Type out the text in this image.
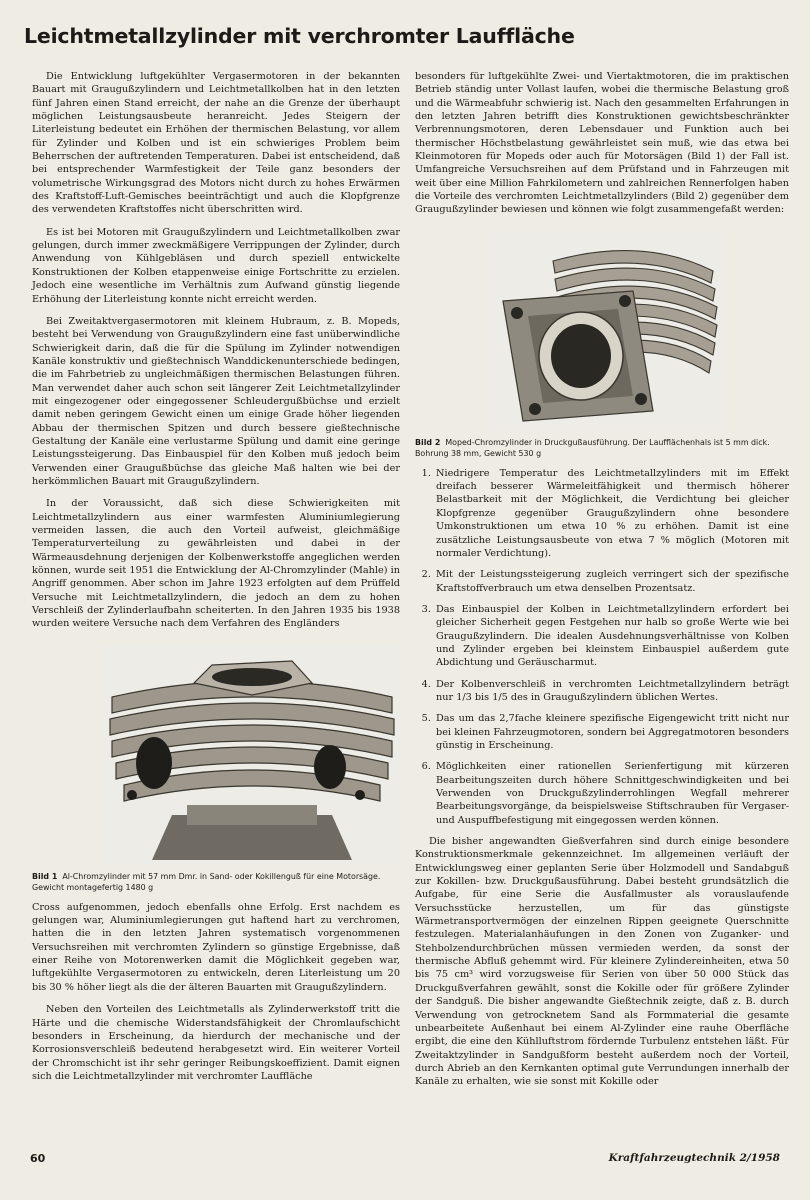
Leichtmetallzylinder mit verchromter Lauffläche

Die Entwicklung luftgekühlter Vergasermotoren in der bekannten Bauart mit Graugußzylindern und Leichtmetallkolben hat in den letzten fünf Jahren einen Stand erreicht, der nahe an die Grenze der überhaupt möglichen Leistungsausbeute heranreicht. Jedes Steigern der Literleistung bedeutet ein Erhöhen der thermischen Belastung, vor allem für Zylinder und Kolben und ist ein schwieriges Problem beim Beherrschen der auftretenden Temperaturen. Dabei ist entscheidend, daß bei entsprechender Warmfestigkeit der Teile ganz besonders der volumetrische Wirkungsgrad des Motors nicht durch zu hohes Erwärmen des Kraftstoff-Luft-Gemisches beeinträchtigt und auch die Klopfgrenze des verwendeten Kraftstoffes nicht überschritten wird.

Es ist bei Motoren mit Graugußzylindern und Leichtmetallkolben zwar gelungen, durch immer zweckmäßigere Verrippungen der Zylinder, durch Anwendung von Kühlgebläsen und durch speziell entwickelte Konstruktionen der Kolben etappenweise einige Fortschritte zu erzielen. Jedoch eine wesentliche im Verhältnis zum Aufwand günstig liegende Erhöhung der Literleistung konnte nicht erreicht werden.

Bei Zweitaktvergasermotoren mit kleinem Hubraum, z. B. Mopeds, besteht bei Verwendung von Graugußzylindern eine fast unüberwindliche Schwierigkeit darin, daß die für die Spülung im Zylinder notwendigen Kanäle konstruktiv und gießtechnisch Wanddickenunterschiede bedingen, die im Fahrbetrieb zu ungleichmäßigen thermischen Belastungen führen. Man verwendet daher auch schon seit längerer Zeit Leichtmetallzylinder mit eingezogener oder eingegossener Schleudergußbüchse und erzielt damit neben geringem Gewicht einen um einige Grade höher liegenden Abbau der thermischen Spitzen und durch bessere gießtechnische Gestaltung der Kanäle eine verlustarme Spülung und damit eine geringe Leistungssteigerung. Das Einbauspiel für den Kolben muß jedoch beim Verwenden einer Graugußbüchse das gleiche Maß halten wie bei der herkömmlichen Bauart mit Graugußzylindern.

In der Voraussicht, daß sich diese Schwierigkeiten mit Leichtmetallzylindern aus einer warmfesten Aluminiumlegierung vermeiden lassen, die auch den Vorteil aufweist, gleichmäßige Temperaturverteilung zu gewährleisten und dabei in der Wärmeausdehnung derjenigen der Kolbenwerkstoffe angeglichen werden können, wurde seit 1951 die Entwicklung der Al-Chromzylinder (Mahle) in Angriff genommen. Aber schon im Jahre 1923 erfolgten auf dem Prüffeld Versuche mit Leichtmetallzylindern, die jedoch an dem zu hohen Verschleiß der Zylinderlaufbahn scheiterten. In den Jahren 1935 bis 1938 wurden weitere Versuche nach dem Verfahren des Engländers

Bild 1 Al-Chromzylinder mit 57 mm Dmr. in Sand- oder Kokillenguß für eine Motorsäge. Gewicht montagefertig 1480 g

Cross aufgenommen, jedoch ebenfalls ohne Erfolg. Erst nachdem es gelungen war, Aluminiumlegierungen gut haftend hart zu verchromen, hatten die in den letzten Jahren systematisch vorgenommenen Versuchsreihen mit verchromten Zylindern so günstige Ergebnisse, daß einer Reihe von Motorenwerken damit die Möglichkeit gegeben war, luftgekühlte Vergasermotoren zu entwickeln, deren Literleistung um 20 bis 30 % höher liegt als die der älteren Bauarten mit Graugußzylindern.

Neben den Vorteilen des Leichtmetalls als Zylinderwerkstoff tritt die Härte und die chemische Widerstandsfähigkeit der Chromlaufschicht besonders in Erscheinung, da hierdurch der mechanische und der Korrosionsverschleiß bedeutend herabgesetzt wird. Ein weiterer Vorteil der Chromschicht ist ihr sehr geringer Reibungskoeffizient. Damit eignen sich die Leichtmetallzylinder mit verchromter Lauffläche

besonders für luftgekühlte Zwei- und Viertaktmotoren, die im praktischen Betrieb ständig unter Vollast laufen, wobei die thermische Belastung groß und die Wärmeabfuhr schwierig ist. Nach den gesammelten Erfahrungen in den letzten Jahren betrifft dies Konstruktionen gewichtsbeschränkter Verbrennungsmotoren, deren Lebensdauer und Funktion auch bei thermischer Höchstbelastung gewährleistet sein muß, wie das etwa bei Kleinmotoren für Mopeds oder auch für Motorsägen (Bild 1) der Fall ist. Umfangreiche Versuchsreihen auf dem Prüfstand und in Fahrzeugen mit weit über eine Million Fahrkilometern und zahlreichen Rennerfolgen haben die Vorteile des verchromten Leichtmetallzylinders (Bild 2) gegenüber dem Graugußzylinder bewiesen und können wie folgt zusammengefaßt werden:

Bild 2 Moped-Chromzylinder in Druckgußausführung. Der Laufflächenhals ist 5 mm dick. Bohrung 38 mm, Gewicht 530 g
1. Niedrigere Temperatur des Leichtmetallzylinders mit im Effekt dreifach besserer Wärmeleitfähigkeit und thermisch höherer Belastbarkeit mit der Möglichkeit, die Verdichtung bei gleicher Klopfgrenze gegenüber Graugußzylindern ohne besondere Umkonstruktionen um etwa 10 % zu erhöhen. Damit ist eine zusätzliche Leistungsausbeute von etwa 7 % möglich (Motoren mit normaler Verdichtung).
2. Mit der Leistungssteigerung zugleich verringert sich der spezifische Kraftstoffverbrauch um etwa denselben Prozentsatz.
3. Das Einbauspiel der Kolben in Leichtmetallzylindern erfordert bei gleicher Sicherheit gegen Festgehen nur halb so große Werte wie bei Graugußzylindern. Die idealen Ausdehnungsverhältnisse von Kolben und Zylinder ergeben bei kleinstem Einbauspiel außerdem gute Abdichtung und Geräuscharmut.
4. Der Kolbenverschleiß in verchromten Leichtmetallzylindern beträgt nur 1/3 bis 1/5 des in Graugußzylindern üblichen Wertes.
5. Das um das 2,7fache kleinere spezifische Eigengewicht tritt nicht nur bei kleinen Fahrzeugmotoren, sondern bei Aggregatmotoren besonders günstig in Erscheinung.
6. Möglichkeiten einer rationellen Serienfertigung mit kürzeren Bearbeitungszeiten durch höhere Schnittgeschwindigkeiten und bei Verwenden von Druckgußzylinderrohlingen Wegfall mehrerer Bearbeitungsvorgänge, da beispielsweise Stiftschrauben für Vergaser- und Auspuffbefestigung mit eingegossen werden können.

Die bisher angewandten Gießverfahren sind durch einige besondere Konstruktionsmerkmale gekennzeichnet. Im allgemeinen verläuft der Entwicklungsweg einer geplanten Serie über Holzmodell und Sandabguß zur Kokillen- bzw. Druckgußausführung. Dabei besteht grundsätzlich die Aufgabe, für eine Serie die Ausfallmuster als vorauslaufende Versuchsstücke herzustellen, um für das günstigste Wärmetransportvermögen der einzelnen Rippen geeignete Querschnitte festzulegen. Materialanhäufungen in den Zonen von Zuganker- und Stehbolzendurchbrüchen müssen vermieden werden, da sonst der thermische Abfluß gehemmt wird. Für kleinere Zylindereinheiten, etwa 50 bis 75 cm³ wird vorzugsweise für Serien von über 50 000 Stück das Druckgußverfahren gewählt, sonst die Kokille oder für größere Zylinder der Sandguß. Die bisher angewandte Gießtechnik zeigte, daß z. B. durch Verwendung von getrocknetem Sand als Formmaterial die gesamte unbearbeitete Außenhaut bei einem Al-Zylinder eine rauhe Oberfläche ergibt, die eine den Kühlluftstrom fördernde Turbulenz entstehen läßt. Für Zweitaktzylinder in Sandgußform besteht außerdem noch der Vorteil, durch Abrieb an den Kernkanten optimal gute Verrundungen innerhalb der Kanäle zu erhalten, wie sie sonst mit Kokille oder

60	Kraftfahrzeugtechnik 2/1958
